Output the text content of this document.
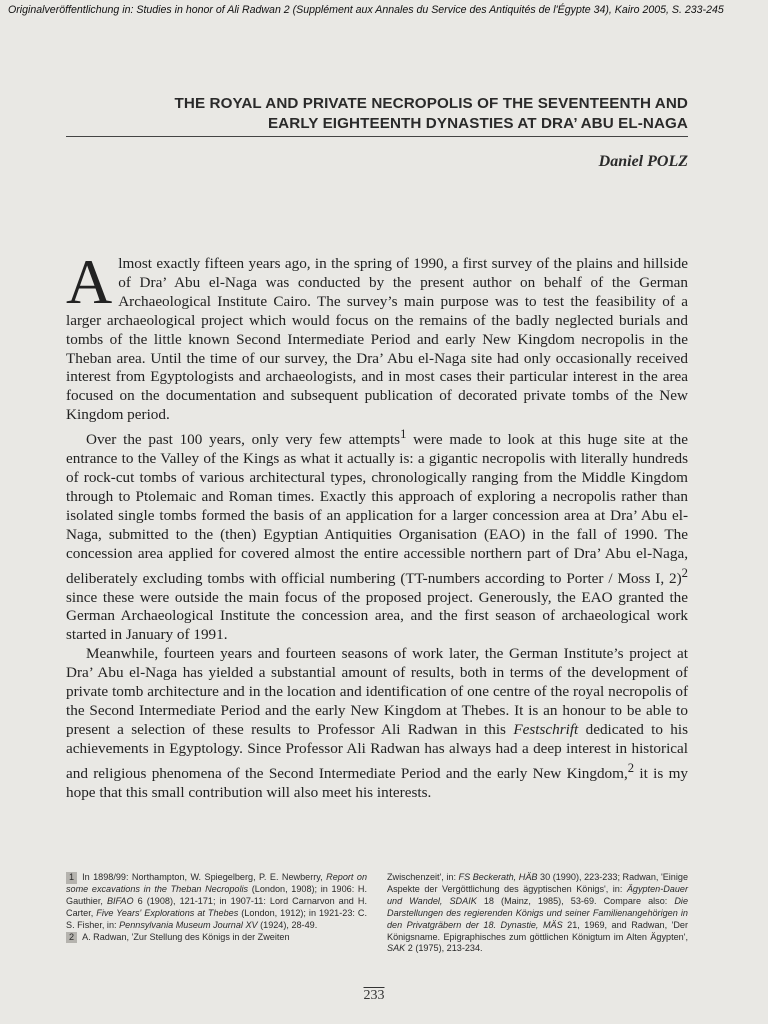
Originalveröffentlichung in: Studies in honor of Ali Radwan 2 (Supplément aux Annales du Service des Antiquités de l'Égypte 34), Kairo 2005, S. 233-245
THE ROYAL AND PRIVATE NECROPOLIS OF THE SEVENTEENTH AND
EARLY EIGHTEENTH DYNASTIES AT DRA’ ABU EL-NAGA
Daniel POLZ

Almost exactly fifteen years ago, in the spring of 1990, a first survey of the plains and hillside of Dra’ Abu el-Naga was conducted by the present author on behalf of the German Archaeological Institute Cairo. The survey’s main purpose was to test the feasibility of a larger archaeological project which would focus on the remains of the badly neglected burials and tombs of the little known Second Intermediate Period and early New Kingdom necropolis in the Theban area. Until the time of our survey, the Dra’ Abu el-Naga site had only occasionally received interest from Egyptologists and archaeologists, and in most cases their particular interest in the area focused on the documentation and subsequent publication of decorated private tombs of the New Kingdom period.

Over the past 100 years, only very few attempts$^1$ were made to look at this huge site at the entrance to the Valley of the Kings as what it actually is: a gigantic necropolis with literally hundreds of rock-cut tombs of various architectural types, chronologically ranging from the Middle Kingdom through to Ptolemaic and Roman times. Exactly this approach of exploring a necropolis rather than isolated single tombs formed the basis of an application for a larger concession area at Dra’ Abu el-Naga, submitted to the (then) Egyptian Antiquities Organisation (EAO) in the fall of 1990. The concession area applied for covered almost the entire accessible northern part of Dra’ Abu el-Naga, deliberately excluding tombs with official numbering (TT-numbers according to Porter / Moss I, 2)$^2$ since these were outside the main focus of the proposed project. Generously, the EAO granted the German Archaeological Institute the concession area, and the first season of archaeological work started in January of 1991.

Meanwhile, fourteen years and fourteen seasons of work later, the German Institute’s project at Dra’ Abu el-Naga has yielded a substantial amount of results, both in terms of the development of private tomb architecture and in the location and identification of one centre of the royal necropolis of the Second Intermediate Period and the early New Kingdom at Thebes. It is an honour to be able to present a selection of these results to Professor Ali Radwan in this Festschrift dedicated to his achievements in Egyptology. Since Professor Ali Radwan has always had a deep interest in historical and religious phenomena of the Second Intermediate Period and the early New Kingdom,$^2$ it is my hope that this small contribution will also meet his interests.

1 In 1898/99: Northampton, W. Spiegelberg, P. E. Newberry, Report on some excavations in the Theban Necropolis (London, 1908); in 1906: H. Gauthier, BIFAO 6 (1908), 121-171; in 1907-11: Lord Carnarvon and H. Carter, Five Years' Explorations at Thebes (London, 1912); in 1921-23: C. S. Fisher, in: Pennsylvania Museum Journal XV (1924), 28-49.

2 A. Radwan, 'Zur Stellung des Königs in der Zweiten

Zwischenzeit', in: FS Beckerath, HÄB 30 (1990), 223-233; Radwan, 'Einige Aspekte der Vergöttlichung des ägyptischen Königs', in: Ägypten-Dauer und Wandel, SDAIK 18 (Mainz, 1985), 53-69. Compare also: Die Darstellungen des regierenden Königs und seiner Familienangehörigen in den Privatgräbern der 18. Dynastie, MÄS 21, 1969, and Radwan, 'Der Königsname. Epigraphisches zum göttlichen Königtum im Alten Ägypten', SAK 2 (1975), 213-234.

233
